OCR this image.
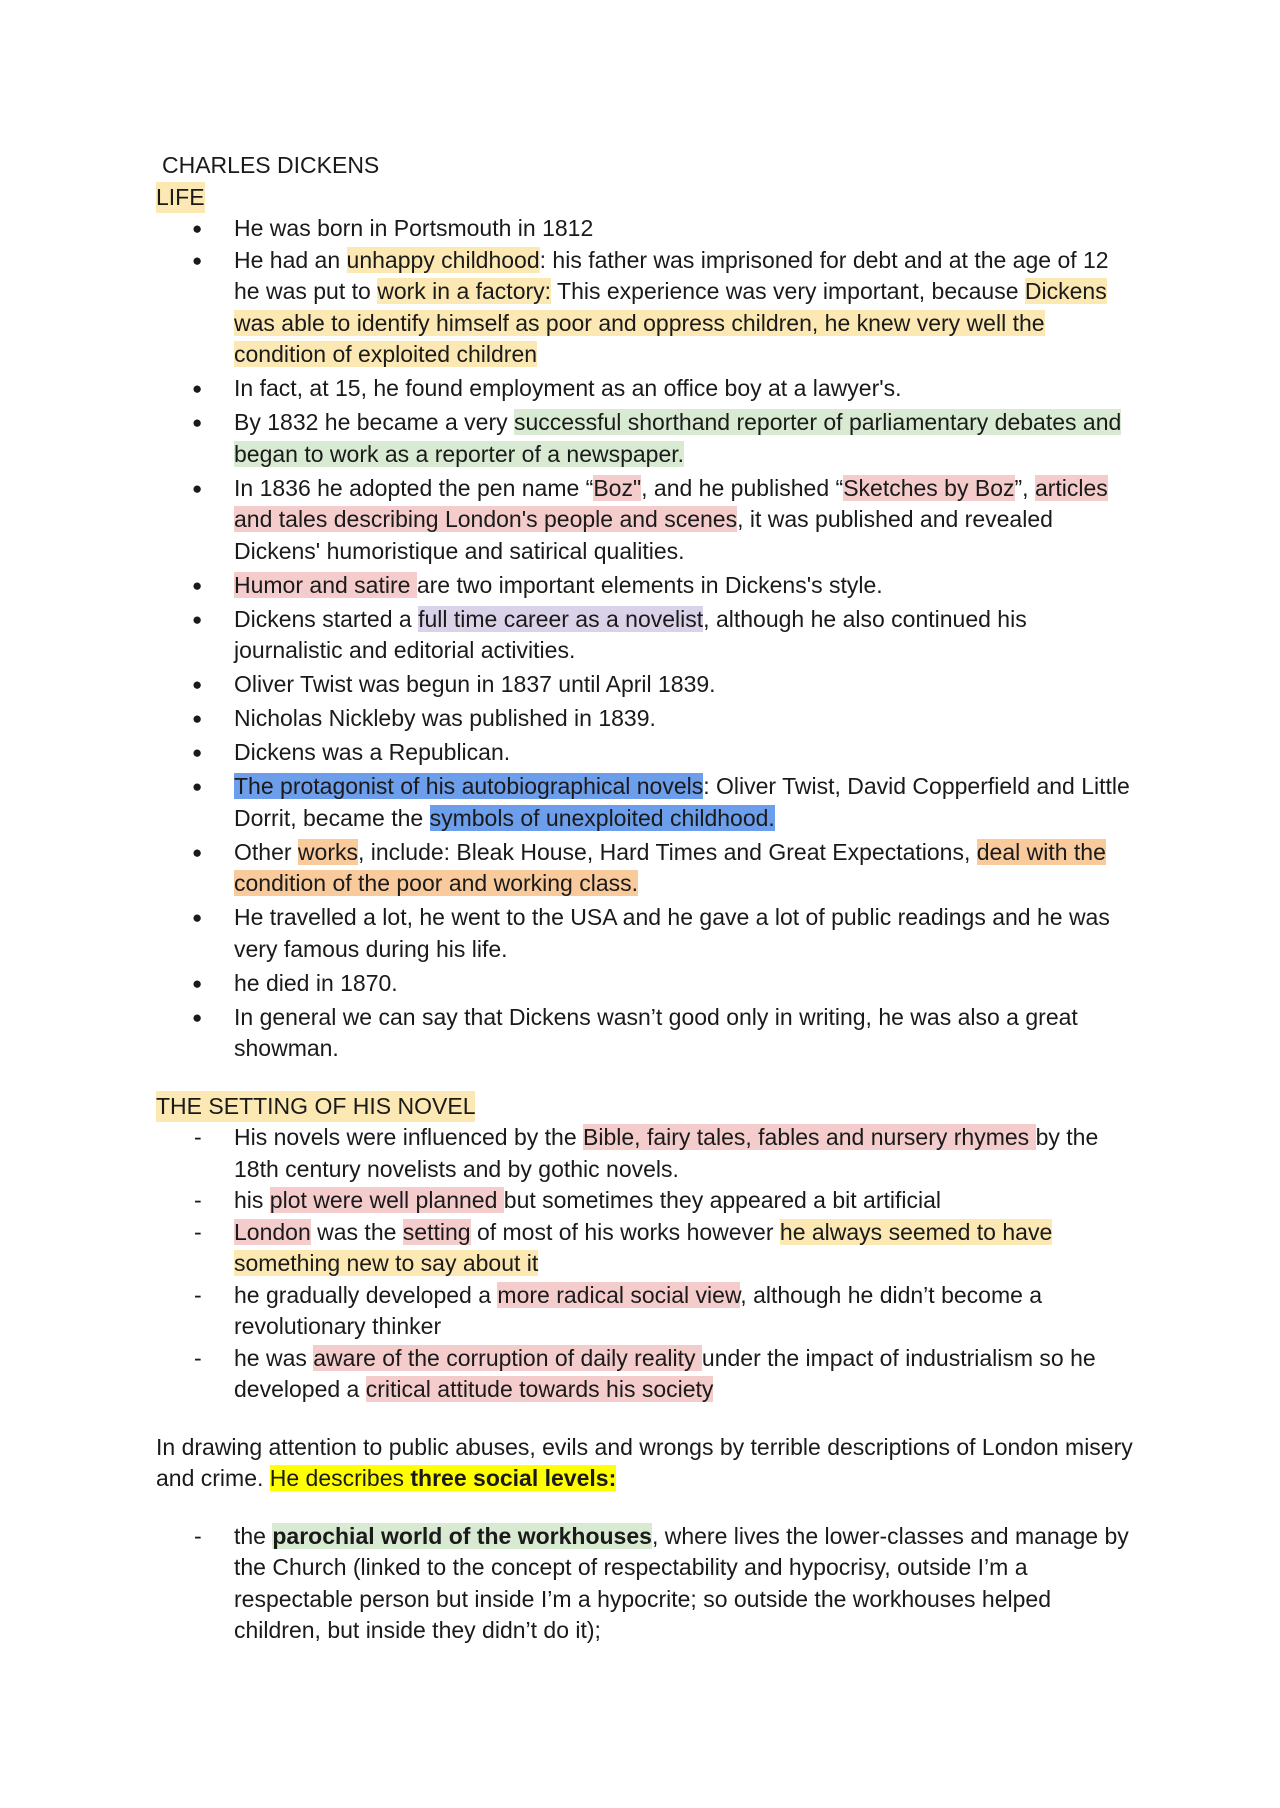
CHARLES DICKENS
LIFE
● He was born in Portsmouth in 1812
● He had an unhappy childhood: his father was imprisoned for debt and at the age of 12 he was put to work in a factory: This experience was very important, because Dickens was able to identify himself as poor and oppress children, he knew very well the condition of exploited children
● In fact, at 15, he found employment as an office boy at a lawyer's.
● By 1832 he became a very successful shorthand reporter of parliamentary debates and began to work as a reporter of a newspaper.
● In 1836 he adopted the pen name “Boz", and he published “Sketches by Boz”, articles and tales describing London's people and scenes, it was published and revealed Dickens' humoristique and satirical qualities.
● Humor and satire are two important elements in Dickens's style.
● Dickens started a full time career as a novelist, although he also continued his journalistic and editorial activities.
● Oliver Twist was begun in 1837 until April 1839.
● Nicholas Nickleby was published in 1839.
● Dickens was a Republican.
● The protagonist of his autobiographical novels: Oliver Twist, David Copperfield and Little Dorrit, became the symbols of unexploited childhood.
● Other works, include: Bleak House, Hard Times and Great Expectations, deal with the condition of the poor and working class.
● He travelled a lot, he went to the USA and he gave a lot of public readings and he was very famous during his life.
● he died in 1870.
● In general we can say that Dickens wasn’t good only in writing, he was also a great showman.
THE SETTING OF HIS NOVEL
- His novels were influenced by the Bible, fairy tales, fables and nursery rhymes by the 18th century novelists and by gothic novels.
- his plot were well planned but sometimes they appeared a bit artificial
- London was the setting of most of his works however he always seemed to have something new to say about it
- he gradually developed a more radical social view, although he didn’t become a revolutionary thinker
- he was aware of the corruption of daily reality under the impact of industrialism so he developed a critical attitude towards his society

In drawing attention to public abuses, evils and wrongs by terrible descriptions of London misery and crime. He describes three social levels:

- the parochial world of the workhouses, where lives the lower-classes and manage by the Church (linked to the concept of respectability and hypocrisy, outside I’m a respectable person but inside I’m a hypocrite; so outside the workhouses helped children, but inside they didn’t do it);
